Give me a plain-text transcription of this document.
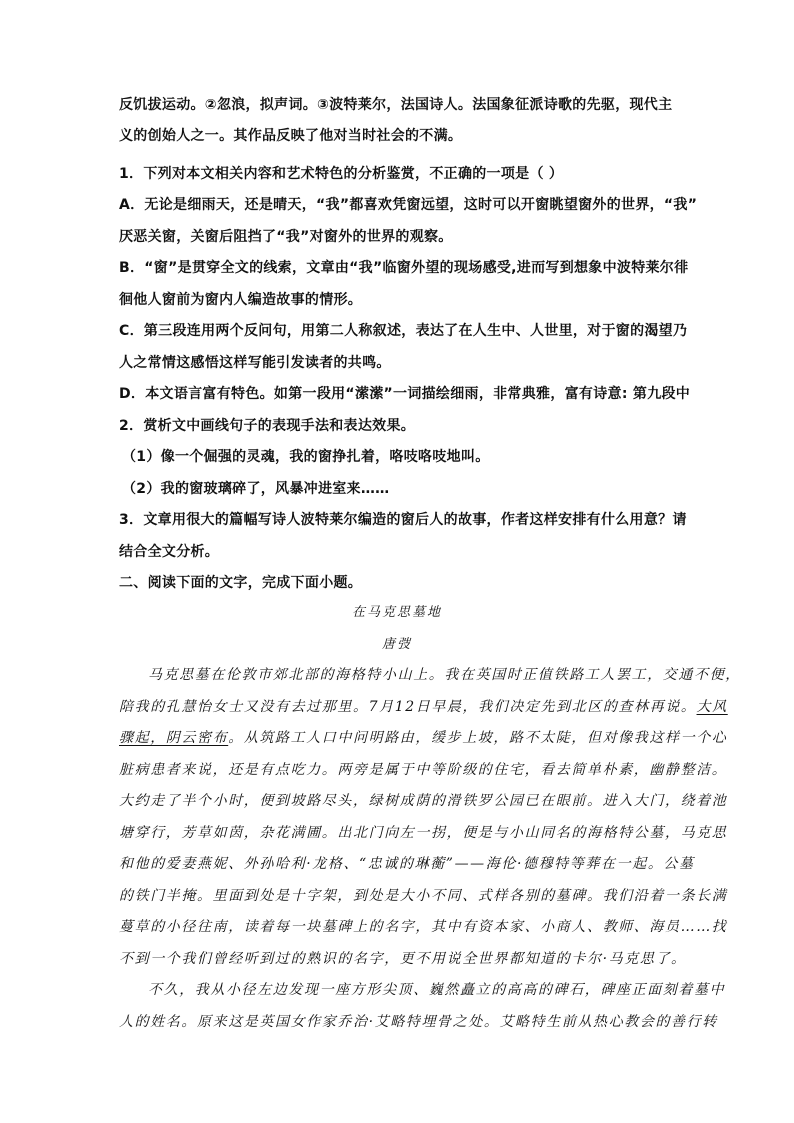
反饥拔运动。②忽浪，拟声词。③波特莱尔，法国诗人。法国象征派诗歌的先驱，现代主
义的创始人之一。其作品反映了他对当时社会的不满。
1．下列对本文相关内容和艺术特色的分析鉴赏，不正确的一项是（ ）
A．无论是细雨天，还是晴天，“我”都喜欢凭窗远望，这时可以开窗眺望窗外的世界，“我”
厌恶关窗，关窗后阻挡了“我”对窗外的世界的观察。
B．“窗”是贯穿全文的线索，文章由“我”临窗外望的现场感受,进而写到想象中波特莱尔徘
徊他人窗前为窗内人编造故事的情形。
C．第三段连用两个反问句，用第二人称叙述，表达了在人生中、人世里，对于窗的渴望乃
人之常情这感悟这样写能引发读者的共鸣。
D．本文语言富有特色。如第一段用“潆潆”一词描绘细雨，非常典雅，富有诗意: 第九段中
2．赏析文中画线句子的表现手法和表达效果。
（1）像一个倔强的灵魂，我的窗挣扎着，咯吱咯吱地叫。
（2）我的窗玻璃碎了，风暴冲进室来……
3．文章用很大的篇幅写诗人波特莱尔编造的窗后人的故事，作者这样安排有什么用意？请
结合全文分析。
二、阅读下面的文字，完成下面小题。
在马克思墓地
唐弢
马克思墓在伦敦市郊北部的海格特小山上。我在英国时正值铁路工人罢工，交通不便，
陪我的孔慧怡女士又没有去过那里。7月12日早晨，我们决定先到北区的查林再说。大风
骤起，阴云密布。从筑路工人口中问明路由，缓步上坡，路不太陡，但对像我这样一个心
脏病患者来说，还是有点吃力。两旁是属于中等阶级的住宅，看去简单朴素，幽静整洁。
大约走了半个小时，便到坡路尽头，绿树成荫的滑铁罗公园已在眼前。进入大门，绕着池
塘穿行，芳草如茵，杂花满圃。出北门向左一拐，便是与小山同名的海格特公墓，马克思
和他的爱妻燕妮、外孙哈利·龙格、“忠诚的琳蘅”——海伦·德穆特等葬在一起。公墓
的铁门半掩。里面到处是十字架，到处是大小不同、式样各别的墓碑。我们沿着一条长满
蔓草的小径往南，读着每一块墓碑上的名字，其中有资本家、小商人、教师、海员……找
不到一个我们曾经听到过的熟识的名字，更不用说全世界都知道的卡尔·马克思了。
不久，我从小径左边发现一座方形尖顶、巍然矗立的高高的碑石，碑座正面刻着墓中
人的姓名。原来这是英国女作家乔治·艾略特埋骨之处。艾略特生前从热心教会的善行转
